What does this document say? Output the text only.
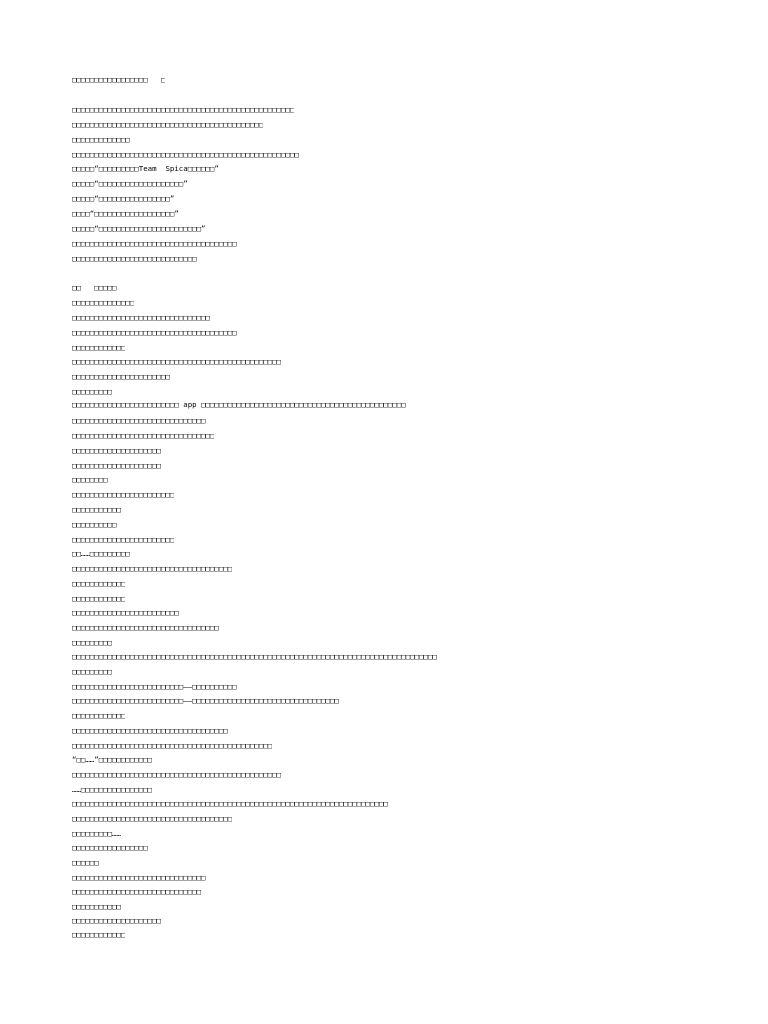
□□□□□□□□□□□□□□□□□   □
□□□□□□□□□□□□□□□□□□□□□□□□□□□□□□□□□□□□□□□□□□□□□□□□□□
□□□□□□□□□□□□□□□□□□□□□□□□□□□□□□□□□□□□□□□□□□□
□□□□□□□□□□□□□
□□□□□□□□□□□□□□□□□□□□□□□□□□□□□□□□□□□□□□□□□□□□□□□□□□□
□□□□□“□□□□□□□□□Team  Spica□□□□□□”
□□□□□“□□□□□□□□□□□□□□□□□□□”
□□□□□“□□□□□□□□□□□□□□□□”
□□□□“□□□□□□□□□□□□□□□□□□”
□□□□□“□□□□□□□□□□□□□□□□□□□□□□□”
□□□□□□□□□□□□□□□□□□□□□□□□□□□□□□□□□□□□□
□□□□□□□□□□□□□□□□□□□□□□□□□□□□
□□   □□□□□
□□□□□□□□□□□□□□
□□□□□□□□□□□□□□□□□□□□□□□□□□□□□□□
□□□□□□□□□□□□□□□□□□□□□□□□□□□□□□□□□□□□□
□□□□□□□□□□□□
□□□□□□□□□□□□□□□□□□□□□□□□□□□□□□□□□□□□□□□□□□□□□□□
□□□□□□□□□□□□□□□□□□□□□□
□□□□□□□□□
□□□□□□□□□□□□□□□□□□□□□□□□ app □□□□□□□□□□□□□□□□□□□□□□□□□□□□□□□□□□□□□□□□□□□□□□
□□□□□□□□□□□□□□□□□□□□□□□□□□□□□□
□□□□□□□□□□□□□□□□□□□□□□□□□□□□□□□□
□□□□□□□□□□□□□□□□□□□□
□□□□□□□□□□□□□□□□□□□□
□□□□□□□□
□□□□□□□□□□□□□□□□□□□□□□□
□□□□□□□□□□□
□□□□□□□□□□
□□□□□□□□□□□□□□□□□□□□□□□
□□……□□□□□□□□□
□□□□□□□□□□□□□□□□□□□□□□□□□□□□□□□□□□□□
□□□□□□□□□□□□
□□□□□□□□□□□□
□□□□□□□□□□□□□□□□□□□□□□□□
□□□□□□□□□□□□□□□□□□□□□□□□□□□□□□□□□
□□□□□□□□□
□□□□□□□□□□□□□□□□□□□□□□□□□□□□□□□□□□□□□□□□□□□□□□□□□□□□□□□□□□□□□□□□□□□□□□□□□□□□□□□□□□
□□□□□□□□□
□□□□□□□□□□□□□□□□□□□□□□□□□——□□□□□□□□□□
□□□□□□□□□□□□□□□□□□□□□□□□□——□□□□□□□□□□□□□□□□□□□□□□□□□□□□□□□□□
□□□□□□□□□□□□
□□□□□□□□□□□□□□□□□□□□□□□□□□□□□□□□□□□
□□□□□□□□□□□□□□□□□□□□□□□□□□□□□□□□□□□□□□□□□□□□□
“□□……”□□□□□□□□□□□□
□□□□□□□□□□□□□□□□□□□□□□□□□□□□□□□□□□□□□□□□□□□□□□□
……□□□□□□□□□□□□□□□□
□□□□□□□□□□□□□□□□□□□□□□□□□□□□□□□□□□□□□□□□□□□□□□□□□□□□□□□□□□□□□□□□□□□□□□□
□□□□□□□□□□□□□□□□□□□□□□□□□□□□□□□□□□□□
□□□□□□□□□……
□□□□□□□□□□□□□□□□□
□□□□□□
□□□□□□□□□□□□□□□□□□□□□□□□□□□□□□
□□□□□□□□□□□□□□□□□□□□□□□□□□□□□
□□□□□□□□□□□
□□□□□□□□□□□□□□□□□□□□
□□□□□□□□□□□□
